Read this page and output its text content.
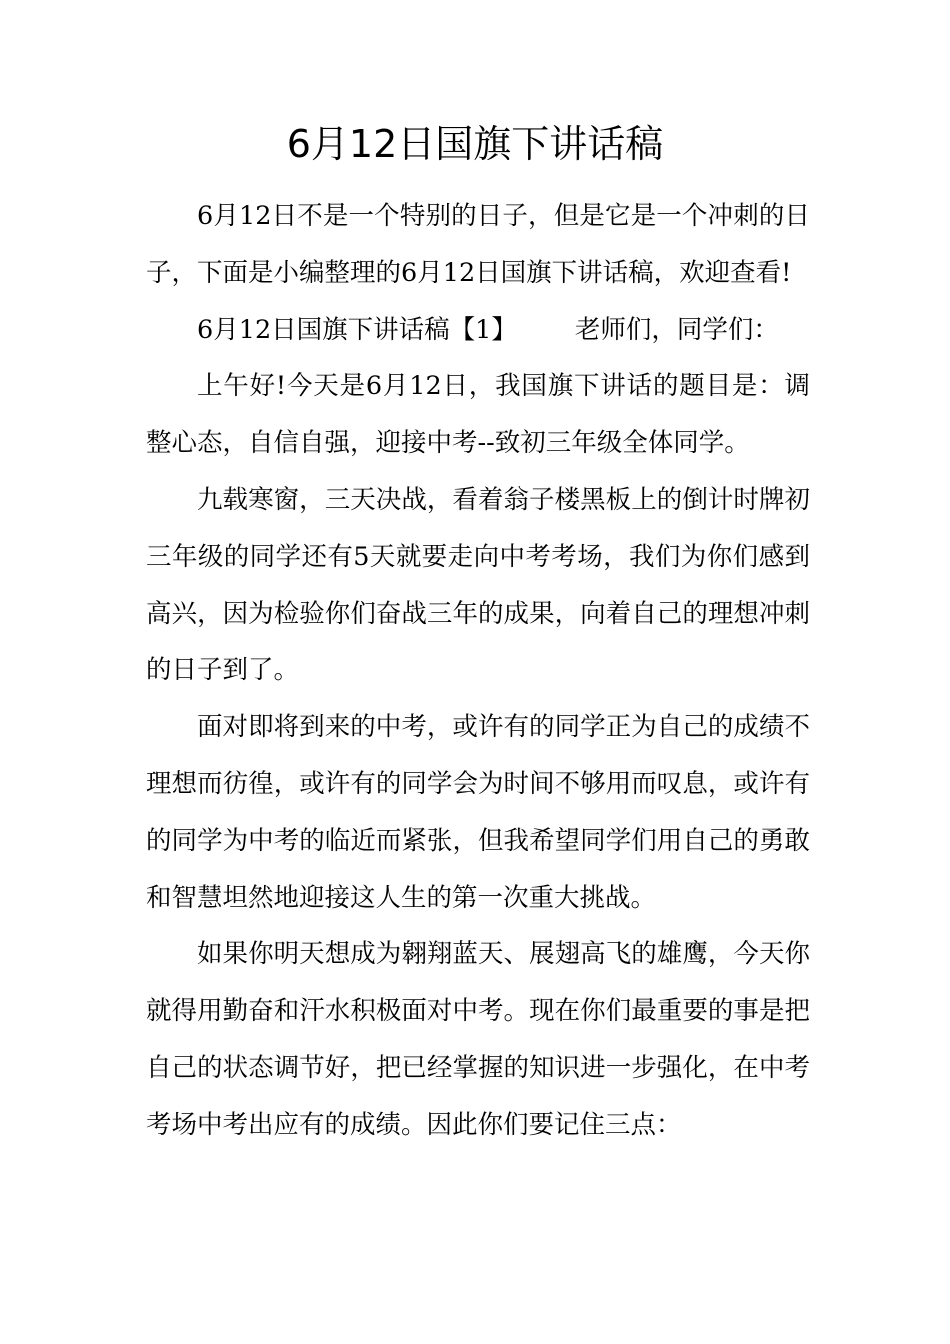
6月12日国旗下讲话稿

6月12日不是一个特别的日子，但是它是一个冲刺的日子，下面是小编整理的6月12日国旗下讲话稿，欢迎查看!

6月12日国旗下讲话稿【1】 老师们，同学们：

上午好!今天是6月12日，我国旗下讲话的题目是：调整心态，自信自强，迎接中考--致初三年级全体同学。

九载寒窗，三天决战，看着翁子楼黑板上的倒计时牌初三年级的同学还有5天就要走向中考考场，我们为你们感到高兴，因为检验你们奋战三年的成果，向着自己的理想冲刺的日子到了。

面对即将到来的中考，或许有的同学正为自己的成绩不理想而彷徨，或许有的同学会为时间不够用而叹息，或许有的同学为中考的临近而紧张，但我希望同学们用自己的勇敢和智慧坦然地迎接这人生的第一次重大挑战。

如果你明天想成为翱翔蓝天、展翅高飞的雄鹰，今天你就得用勤奋和汗水积极面对中考。现在你们最重要的事是把自己的状态调节好，把已经掌握的知识进一步强化，在中考考场中考出应有的成绩。因此你们要记住三点：
